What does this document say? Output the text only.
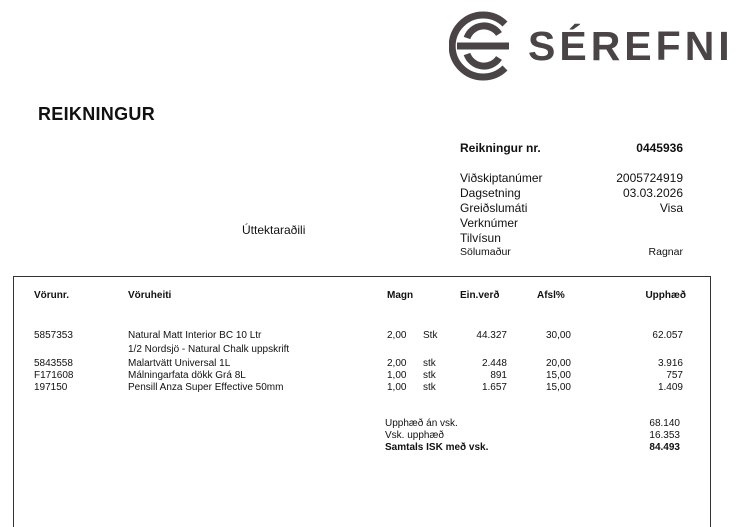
SÉREFNI
REIKNINGUR
Úttektaraðili
Reikningur nr.	0445936
Viðskiptanúmer	2005724919
Dagsetning	03.03.2026
Greiðslumáti	Visa
Verknúmer
Tilvísun
Sölumaður	Ragnar
Vörunr.	Vöruheiti	Magn	Ein.verð	Afsl%	Upphæð
5857353	Natural Matt Interior BC 10 Ltr	2,00 Stk	44.327	30,00	62.057
1/2 Nordsjö - Natural Chalk uppskrift
5843558	Malartvätt Universal 1L	2,00 stk	2.448	20,00	3.916
F171608	Málningarfata dökk Grá 8L	1,00 stk	891	15,00	757
197150	Pensill Anza Super Effective 50mm	1,00 stk	1.657	15,00	1.409
Upphæð án vsk.	68.140
Vsk. upphæð	16.353
Samtals ISK með vsk.	84.493
